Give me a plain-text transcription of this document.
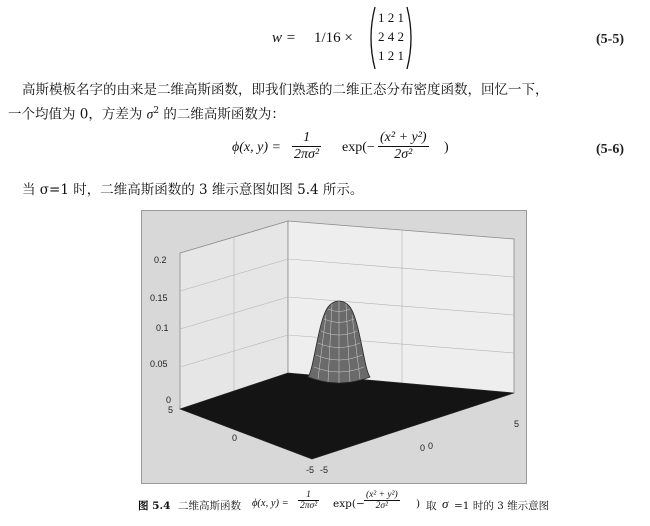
w = 1/16 ×
1 2 1
2 4 2
1 2 1
(5-5)
高斯模板名字的由来是二维高斯函数，即我们熟悉的二维正态分布密度函数，回忆一下，
一个均值为 0，方差为 $\sigma^2$ 的二维高斯函数为：
ϕ(x, $y) = \frac{1}{\text{2πσ²}} \exp(- \frac{\text{(x² + y²)}}{\text{2σ²}}$ )	(5-6)
当 σ=1 时，二维高斯函数的 3 维示意图如图 5.4 所示。
0.2
0.15
0.1
0.05
0
5
0
-5 -5
0
5
0
图 5.4 二维高斯函数 ϕ(x, $y) = \frac{1}{\text{2πσ²}} \exp(- \frac{\text{(x² + y²)}}{\text{2σ²}}$ ) 取 σ =1 时的 3 维示意图
